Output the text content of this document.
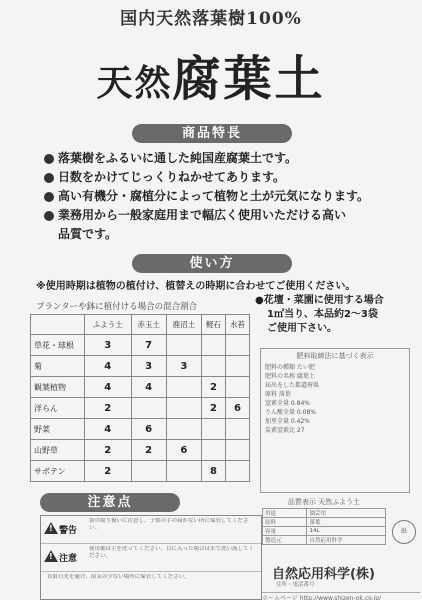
国内天然落葉樹100%
天然腐葉土
商品特長
落葉樹をふるいに通した純国産腐葉土です。
日数をかけてじっくりねかせてあります。
高い有機分・腐植分によって植物と土が元気になります。
業務用から一般家庭用まで幅広く使用いただける高い
品質です。
使い方
※使用時期は植物の植付け、植替えの時期に合わせてご使用ください。
プランターや鉢に植付ける場合の混合割合
	ふよう土	赤玉土	鹿沼土	軽石	水苔
草花・球根	3	7			
菊	4	3	3		
観葉植物	4	4		2	
洋らん	2			2	6
野菜	4	6			
山野草	2	2	6		
サボテン	2			8	
●花壇・菜園に使用する場合
1㎡当り、本品約2～3袋
ご使用下さい。
肥料取締法に基づく表示
肥料の種類 たい肥
肥料の名称 腐葉土
届出をした都道府県
原料 落葉
窒素全量 0.84%
りん酸全量 0.08%
加里全量 0.42%
炭素窒素比 27
注意点
! 警告
袋の取り扱いに注意し、子供の手の届かない所に保管してください。
! 注意
使用後は手を洗ってください。目に入った場合は水で洗い流してください。
直射日光を避け、湿気の少ない場所に保管してください。
品質表示 天然ふよう土
用途	園芸用
原料	落葉
容量	14L
製造元	自然応用科学
紙
自然応用科学(株)
住所・電話番号
ホームページ http://www.shizen-ok.co.jp/
